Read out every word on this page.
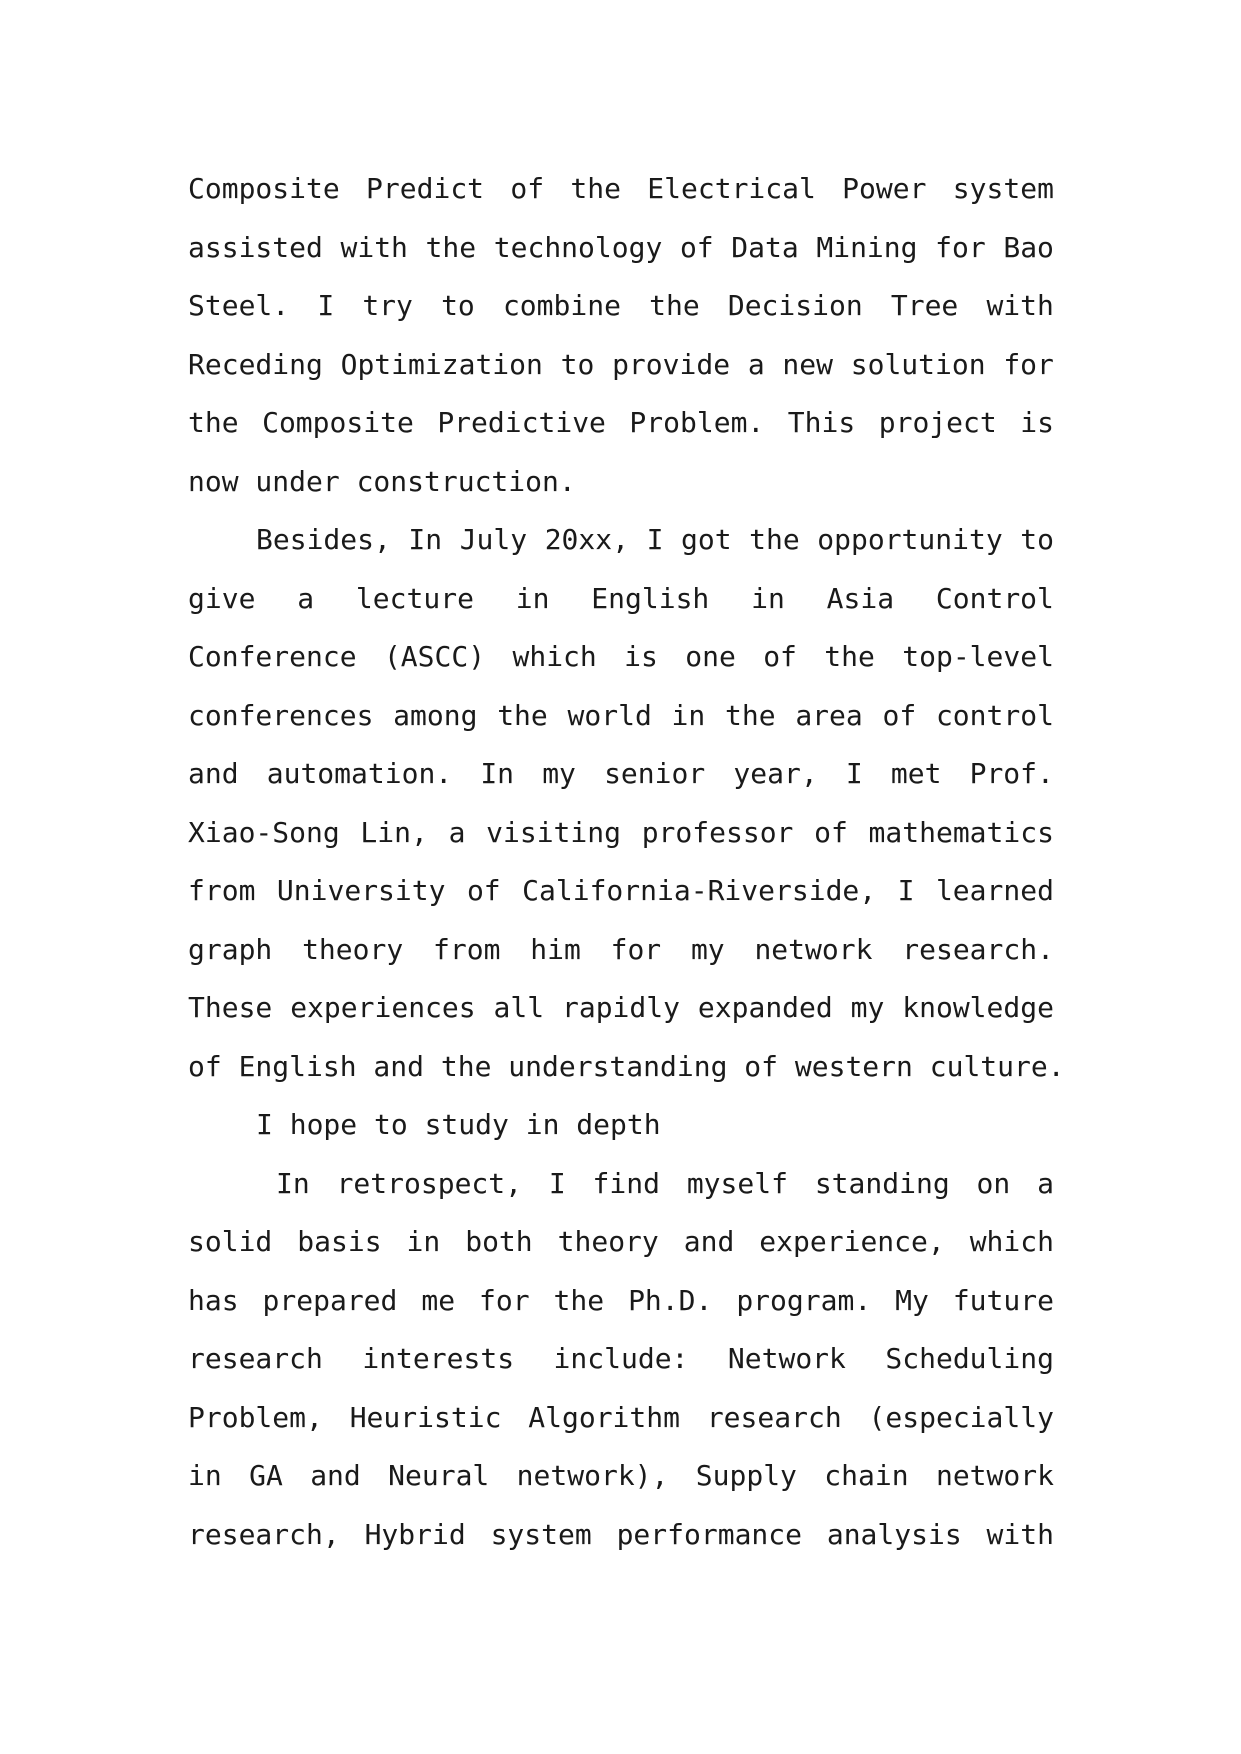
Composite Predict of the Electrical Power system
assisted with the technology of Data Mining for Bao
Steel. I try to combine the Decision Tree with
Receding Optimization to provide a new solution for
the Composite Predictive Problem. This project is
now under construction.
Besides, In July 20xx, I got the opportunity to
give a lecture in English in Asia Control
Conference (ASCC) which is one of the top-level
conferences among the world in the area of control
and automation. In my senior year, I met Prof.
Xiao-Song Lin, a visiting professor of mathematics
from University of California-Riverside, I learned
graph theory from him for my network research.
These experiences all rapidly expanded my knowledge
of English and the understanding of western culture.
I hope to study in depth
In retrospect, I find myself standing on a
solid basis in both theory and experience, which
has prepared me for the Ph.D. program. My future
research interests include: Network Scheduling
Problem, Heuristic Algorithm research (especially
in GA and Neural network), Supply chain network
research, Hybrid system performance analysis with
